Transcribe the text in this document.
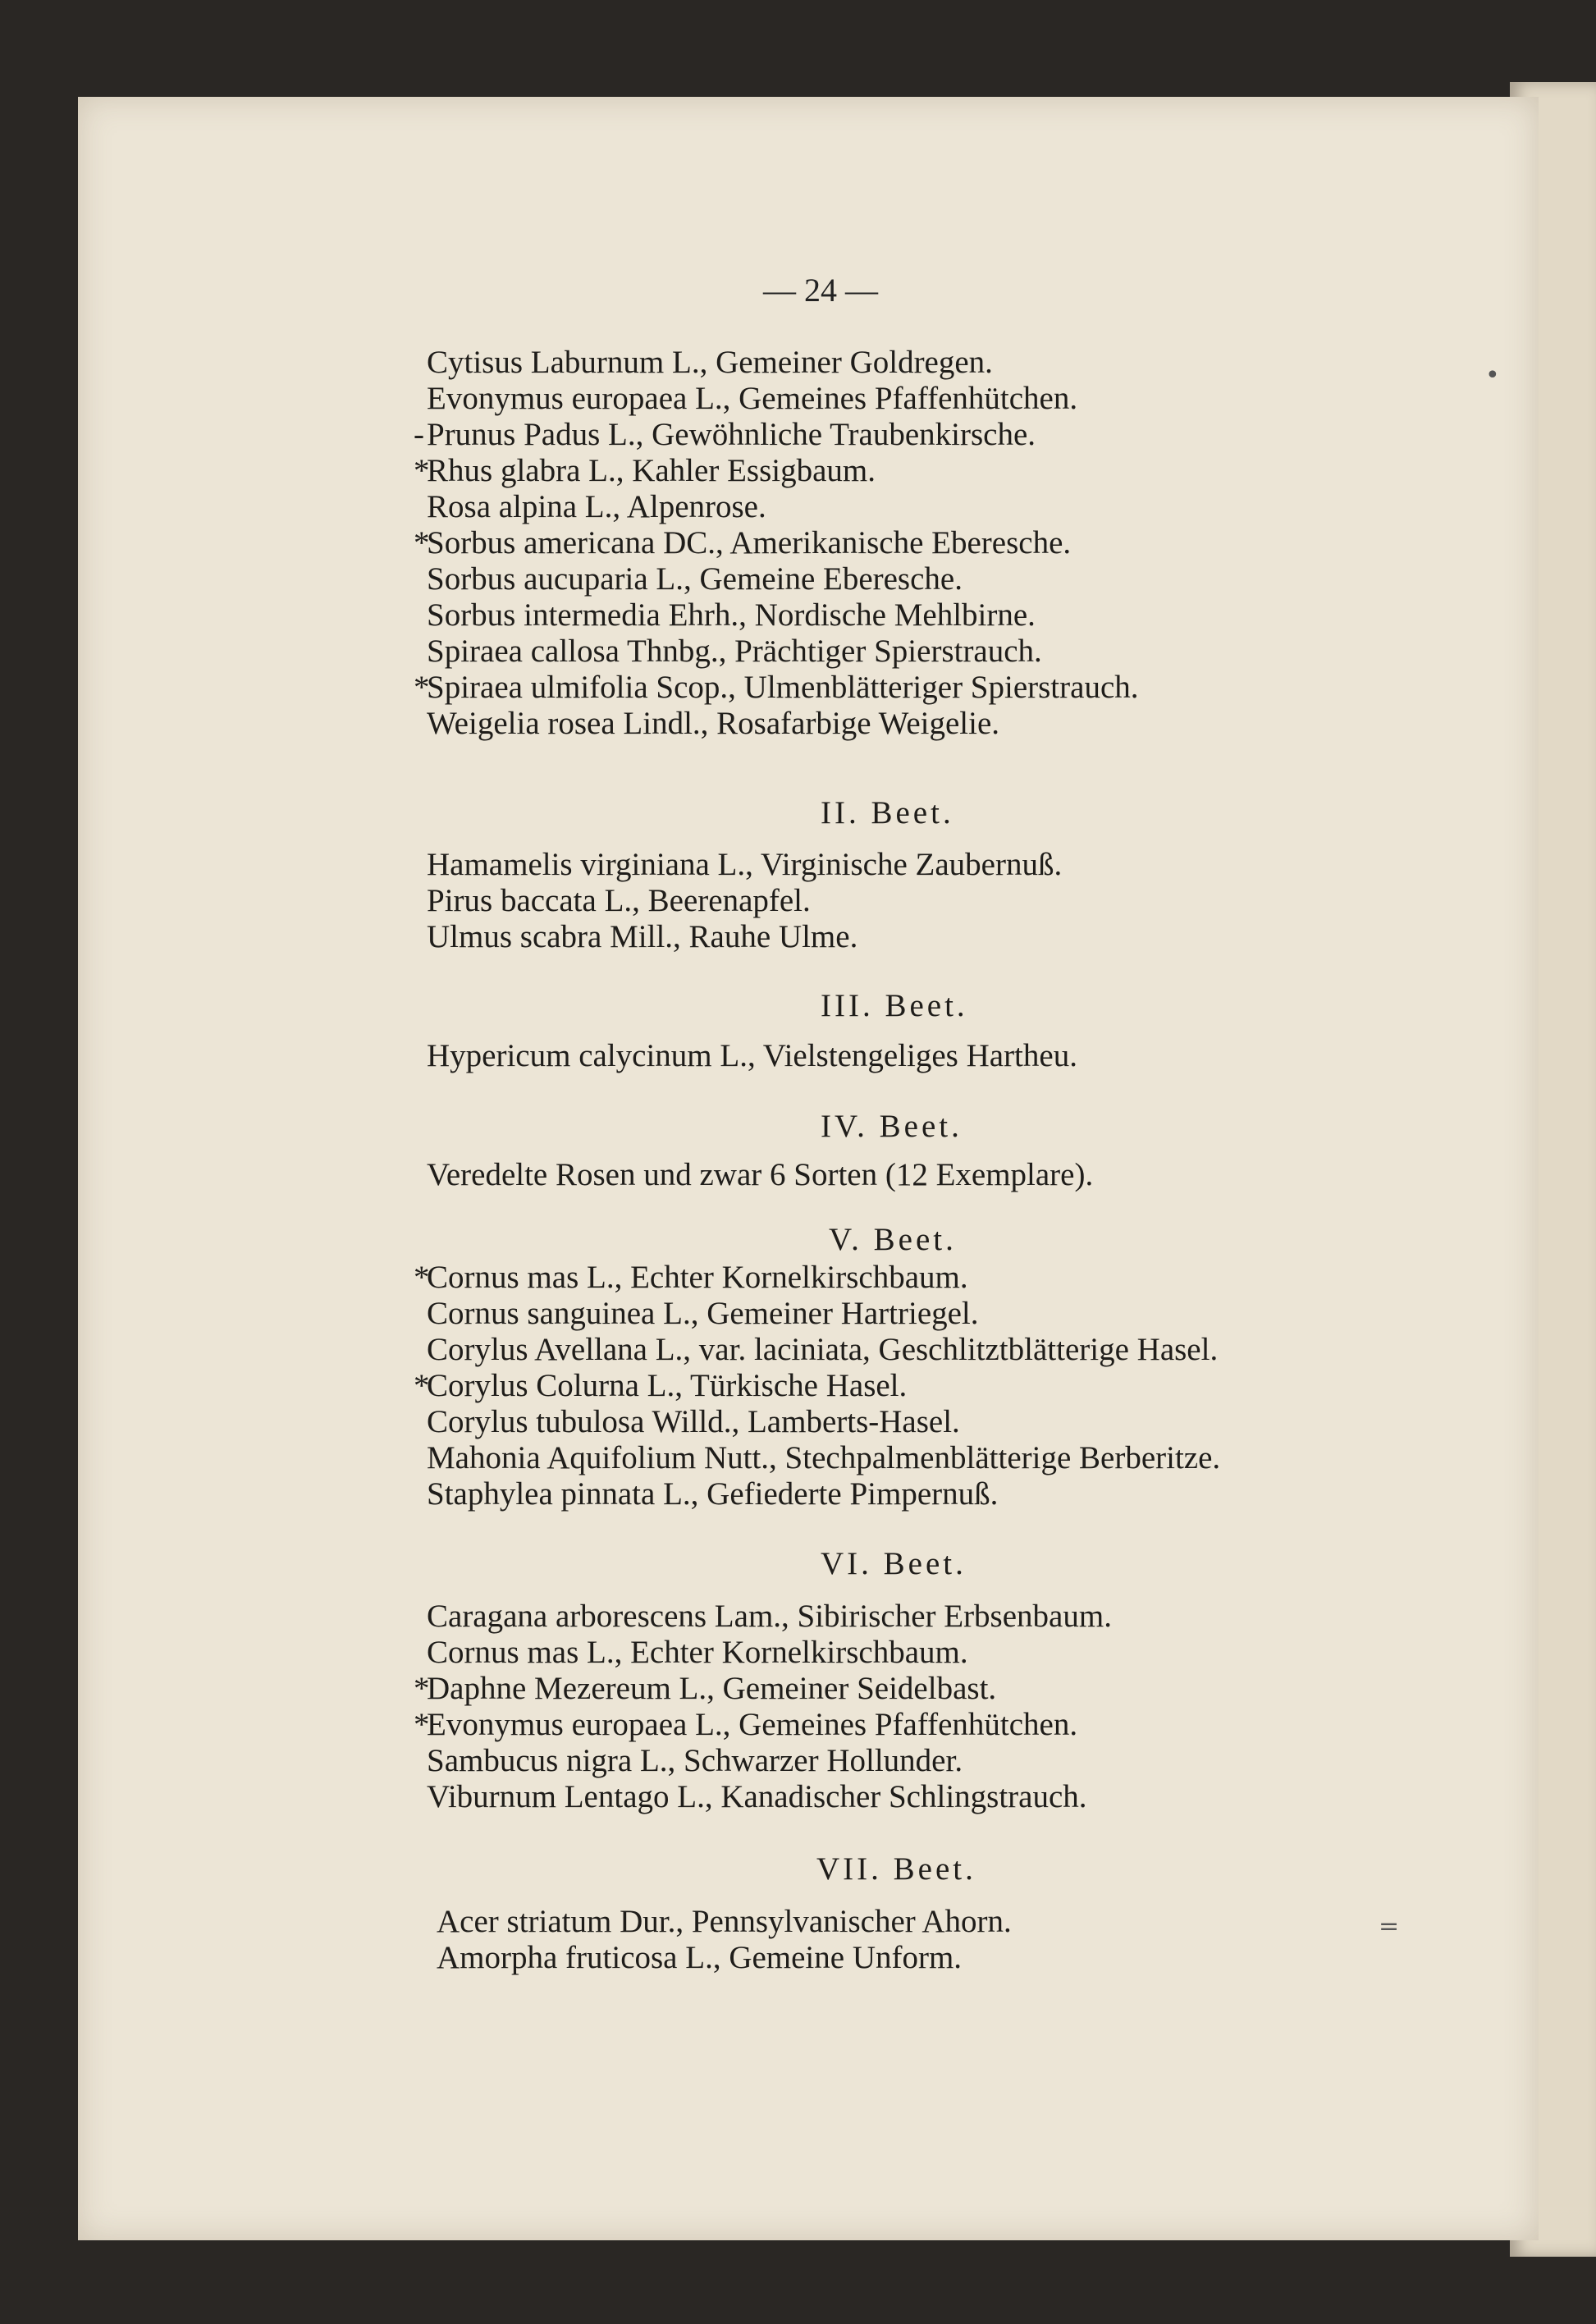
— 24 —
Cytisus Laburnum L., Gemeiner Goldregen.
Evonymus europaea L., Gemeines Pfaffenhütchen.
-Prunus Padus L., Gewöhnliche Traubenkirsche.
*Rhus glabra L., Kahler Essigbaum.
Rosa alpina L., Alpenrose.
*Sorbus americana DC., Amerikanische Eberesche.
Sorbus aucuparia L., Gemeine Eberesche.
Sorbus intermedia Ehrh., Nordische Mehlbirne.
Spiraea callosa Thnbg., Prächtiger Spierstrauch.
*Spiraea ulmifolia Scop., Ulmenblätteriger Spierstrauch.
Weigelia rosea Lindl., Rosafarbige Weigelie.
II. Beet.
Hamamelis virginiana L., Virginische Zaubernuß.
Pirus baccata L., Beerenapfel.
Ulmus scabra Mill., Rauhe Ulme.
III. Beet.
Hypericum calycinum L., Vielstengeliges Hartheu.
IV. Beet.
Veredelte Rosen und zwar 6 Sorten (12 Exemplare).
V. Beet.
*Cornus mas L., Echter Kornelkirschbaum.
Cornus sanguinea L., Gemeiner Hartriegel.
Corylus Avellana L., var. laciniata, Geschlitztblätterige Hasel.
*Corylus Colurna L., Türkische Hasel.
Corylus tubulosa Willd., Lamberts-Hasel.
Mahonia Aquifolium Nutt., Stechpalmenblätterige Berberitze.
Staphylea pinnata L., Gefiederte Pimpernuß.
VI. Beet.
Caragana arborescens Lam., Sibirischer Erbsenbaum.
Cornus mas L., Echter Kornelkirschbaum.
*Daphne Mezereum L., Gemeiner Seidelbast.
*Evonymus europaea L., Gemeines Pfaffenhütchen.
Sambucus nigra L., Schwarzer Hollunder.
Viburnum Lentago L., Kanadischer Schlingstrauch.
VII. Beet.
Acer striatum Dur., Pennsylvanischer Ahorn.
Amorpha fruticosa L., Gemeine Unform.
•
=
